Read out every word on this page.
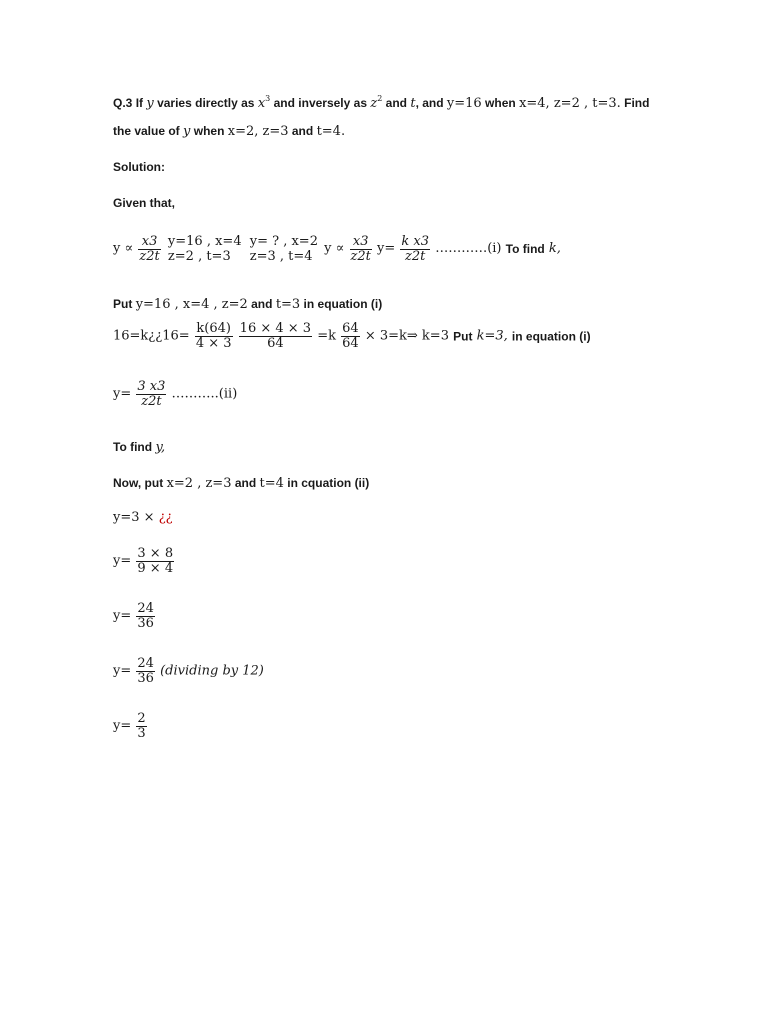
Q.3 If y varies directly as $x^3$ and inversely as $z^2$ and t, and y=16 when x=4, z=2 , t=3. Find
the value of y when x=2, z=3 and t=4.
Solution:
Given that,
$y \propto \frac{x3}{z2t}$
y=16 , x=4
z=2 , t=3

y= ? , x=2
z=3 , t=4
$y \propto \frac{x3}{z2t} y= \frac{\text{k x3}}{z2t}$ …………(i) To find k,
Put y=16 , x=4 , z=2 and t=3 in equation (i)
16=k¿¿16= $\frac{k(64)}{4 \times 3}$
$\frac{16 \times 4 \times 3}{64} =k \frac{64}{64}$ × 3=k⇒ k=3 Put k=3, in equation (i)
$y= \frac{3 x3}{z2t}$ ………..(ii)
To find y,
Now, put x=2 , z=3 and t=4 in cquation (ii)
y=3 × ¿¿
$y= \frac{3 \times 8}{9 \times 4}$
$y= \frac{24}{36}$
$y= \frac{24}{36}$ (dividing by 12)
$y= \frac{2}{3}$
